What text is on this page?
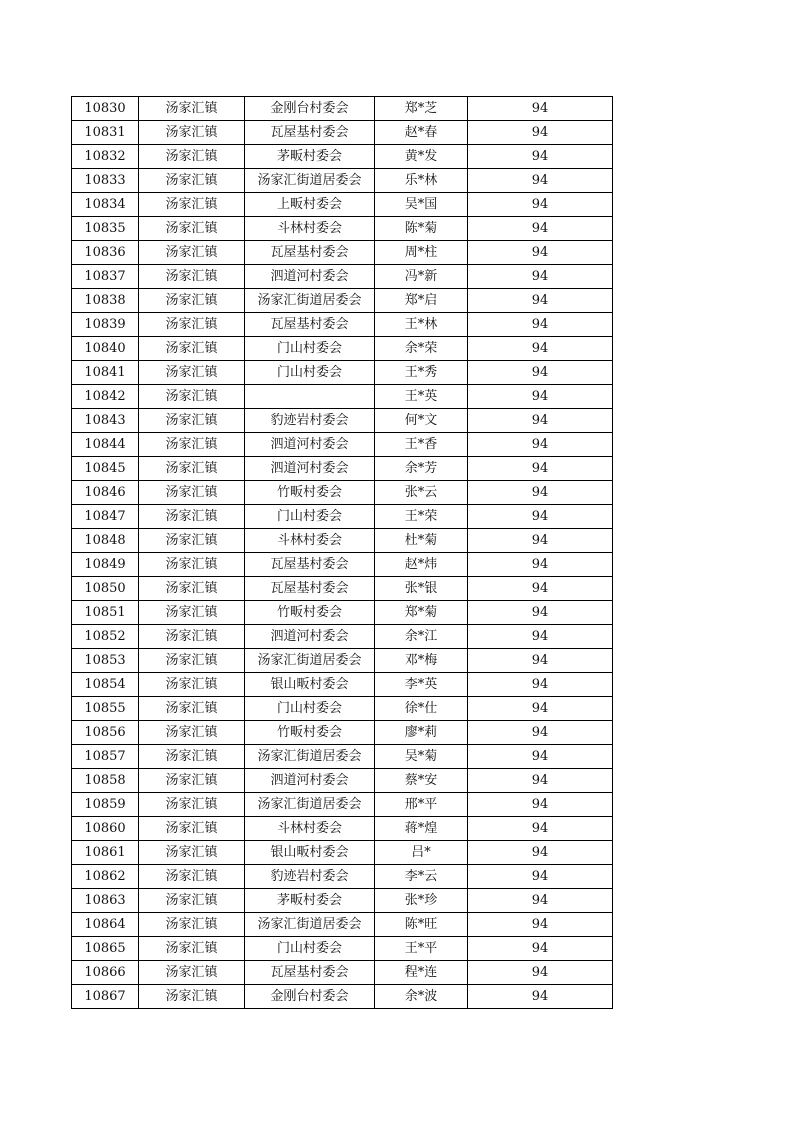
10830	汤家汇镇	金刚台村委会	郑*芝	94
10831	汤家汇镇	瓦屋基村委会	赵*春	94
10832	汤家汇镇	茅畈村委会	黄*发	94
10833	汤家汇镇	汤家汇街道居委会	乐*林	94
10834	汤家汇镇	上畈村委会	吴*国	94
10835	汤家汇镇	斗林村委会	陈*菊	94
10836	汤家汇镇	瓦屋基村委会	周*柱	94
10837	汤家汇镇	泗道河村委会	冯*新	94
10838	汤家汇镇	汤家汇街道居委会	郑*启	94
10839	汤家汇镇	瓦屋基村委会	王*林	94
10840	汤家汇镇	门山村委会	余*荣	94
10841	汤家汇镇	门山村委会	王*秀	94
10842	汤家汇镇		王*英	94
10843	汤家汇镇	豹迹岩村委会	何*文	94
10844	汤家汇镇	泗道河村委会	王*香	94
10845	汤家汇镇	泗道河村委会	余*芳	94
10846	汤家汇镇	竹畈村委会	张*云	94
10847	汤家汇镇	门山村委会	王*荣	94
10848	汤家汇镇	斗林村委会	杜*菊	94
10849	汤家汇镇	瓦屋基村委会	赵*炜	94
10850	汤家汇镇	瓦屋基村委会	张*银	94
10851	汤家汇镇	竹畈村委会	郑*菊	94
10852	汤家汇镇	泗道河村委会	余*江	94
10853	汤家汇镇	汤家汇街道居委会	邓*梅	94
10854	汤家汇镇	银山畈村委会	李*英	94
10855	汤家汇镇	门山村委会	徐*仕	94
10856	汤家汇镇	竹畈村委会	廖*莉	94
10857	汤家汇镇	汤家汇街道居委会	吴*菊	94
10858	汤家汇镇	泗道河村委会	蔡*安	94
10859	汤家汇镇	汤家汇街道居委会	邢*平	94
10860	汤家汇镇	斗林村委会	蒋*煌	94
10861	汤家汇镇	银山畈村委会	吕*	94
10862	汤家汇镇	豹迹岩村委会	李*云	94
10863	汤家汇镇	茅畈村委会	张*珍	94
10864	汤家汇镇	汤家汇街道居委会	陈*旺	94
10865	汤家汇镇	门山村委会	王*平	94
10866	汤家汇镇	瓦屋基村委会	程*连	94
10867	汤家汇镇	金刚台村委会	余*波	94
